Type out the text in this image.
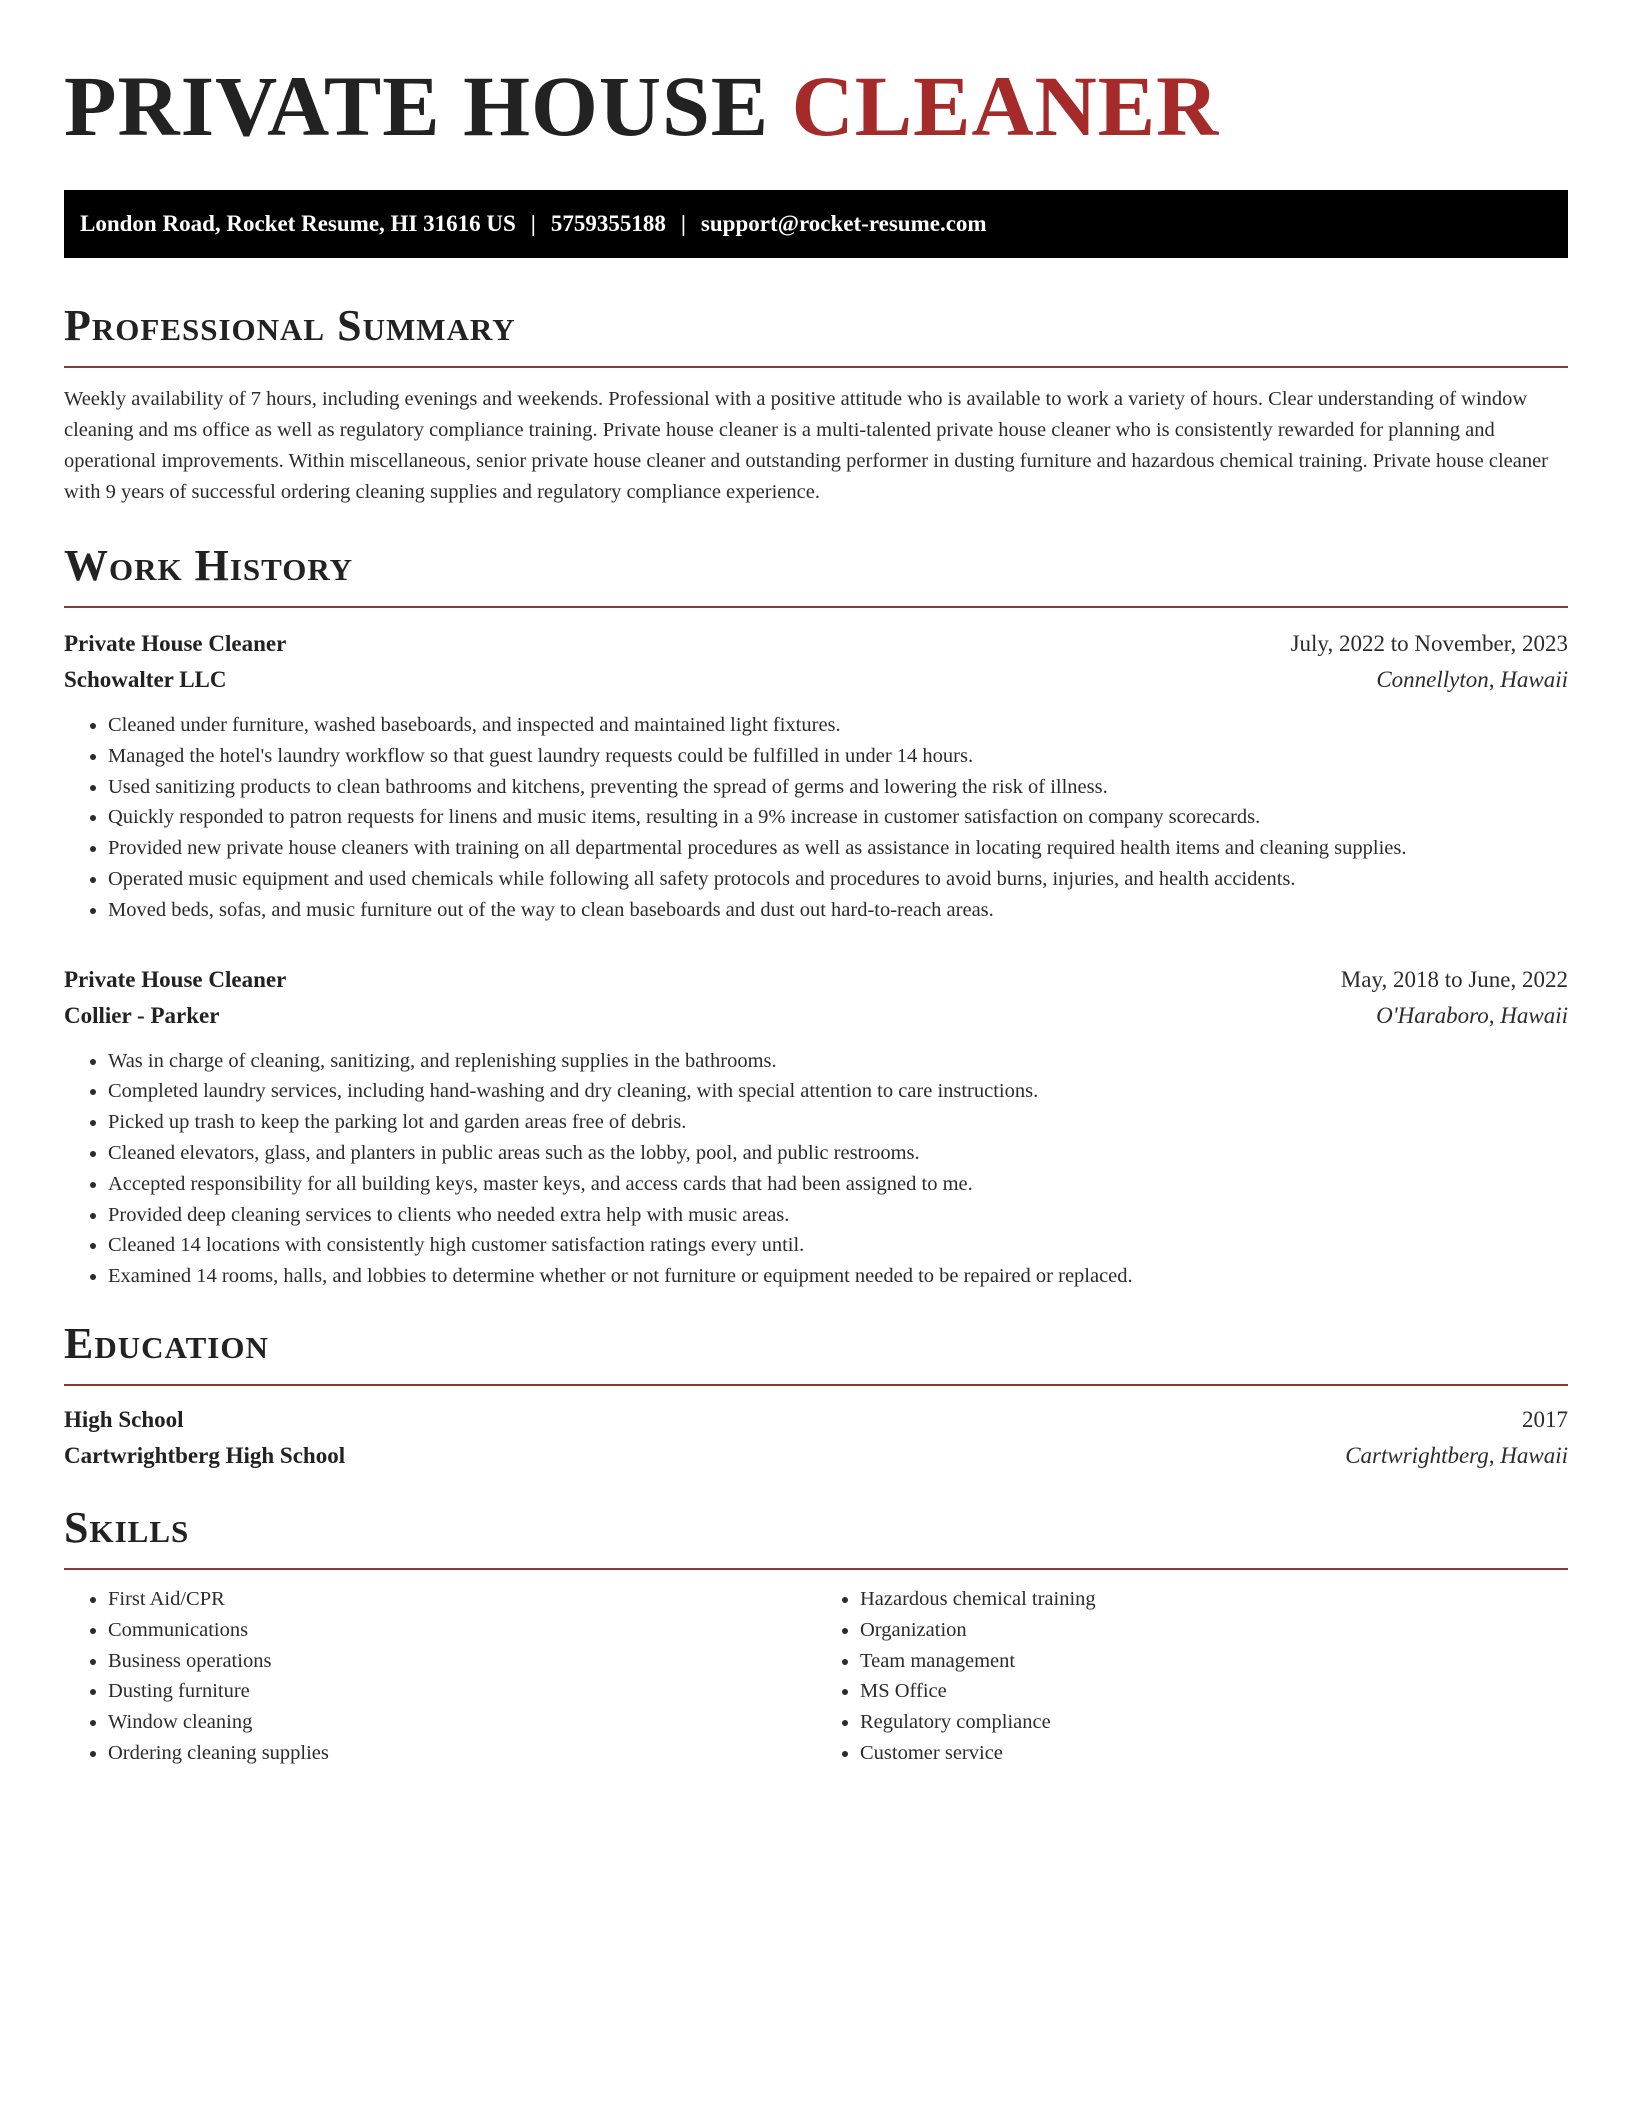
PRIVATE HOUSE CLEANER
London Road, Rocket Resume, HI 31616 US | 5759355188 | support@rocket-resume.com
Professional Summary

Weekly availability of 7 hours, including evenings and weekends. Professional with a positive attitude who is available to work a variety of hours. Clear understanding of window cleaning and ms office as well as regulatory compliance training. Private house cleaner is a multi-talented private house cleaner who is consistently rewarded for planning and operational improvements. Within miscellaneous, senior private house cleaner and outstanding performer in dusting furniture and hazardous chemical training. Private house cleaner with 9 years of successful ordering cleaning supplies and regulatory compliance experience.

Work History
Private House Cleaner	July, 2022 to November, 2023
Schowalter LLC	Connellyton, Hawaii
• Cleaned under furniture, washed baseboards, and inspected and maintained light fixtures.
• Managed the hotel's laundry workflow so that guest laundry requests could be fulfilled in under 14 hours.
• Used sanitizing products to clean bathrooms and kitchens, preventing the spread of germs and lowering the risk of illness.
• Quickly responded to patron requests for linens and music items, resulting in a 9% increase in customer satisfaction on company scorecards.
• Provided new private house cleaners with training on all departmental procedures as well as assistance in locating required health items and cleaning supplies.
• Operated music equipment and used chemicals while following all safety protocols and procedures to avoid burns, injuries, and health accidents.
• Moved beds, sofas, and music furniture out of the way to clean baseboards and dust out hard-to-reach areas.
Private House Cleaner	May, 2018 to June, 2022
Collier - Parker	O'Haraboro, Hawaii
• Was in charge of cleaning, sanitizing, and replenishing supplies in the bathrooms.
• Completed laundry services, including hand-washing and dry cleaning, with special attention to care instructions.
• Picked up trash to keep the parking lot and garden areas free of debris.
• Cleaned elevators, glass, and planters in public areas such as the lobby, pool, and public restrooms.
• Accepted responsibility for all building keys, master keys, and access cards that had been assigned to me.
• Provided deep cleaning services to clients who needed extra help with music areas.
• Cleaned 14 locations with consistently high customer satisfaction ratings every until.
• Examined 14 rooms, halls, and lobbies to determine whether or not furniture or equipment needed to be repaired or replaced.
Education
High School	2017
Cartwrightberg High School	Cartwrightberg, Hawaii
Skills
• First Aid/CPR
• Communications
• Business operations
• Dusting furniture
• Window cleaning
• Ordering cleaning supplies
• Hazardous chemical training
• Organization
• Team management
• MS Office
• Regulatory compliance
• Customer service
